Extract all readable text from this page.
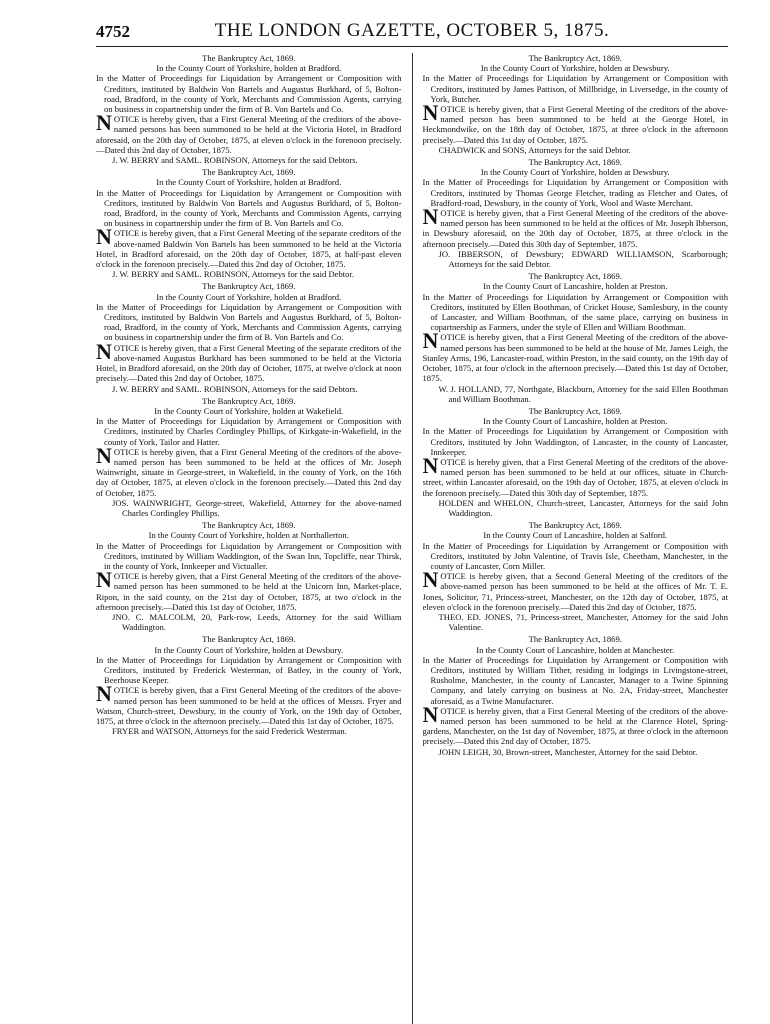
4752	THE LONDON GAZETTE, OCTOBER 5, 1875.

The Bankruptcy Act, 1869.

In the County Court of Yorkshire, holden at Bradford.

In the Matter of Proceedings for Liquidation by Arrangement or Composition with Creditors, instituted by Baldwin Von Bartels and Augustus Burkhard, of 5, Bolton-road, Bradford, in the county of York, Merchants and Commission Agents, carrying on business in copartnership under the firm of B. Von Bartels and Co.

NOTICE is hereby given, that a First General Meeting of the creditors of the above-named persons has been summoned to be held at the Victoria Hotel, in Bradford aforesaid, on the 20th day of October, 1875, at eleven o'clock in the forenoon precisely.—Dated this 2nd day of October, 1875.

J. W. BERRY and SAML. ROBINSON, Attorneys for the said Debtors.

The Bankruptcy Act, 1869.

In the County Court of Yorkshire, holden at Bradford.

In the Matter of Proceedings for Liquidation by Arrangement or Composition with Creditors, instituted by Baldwin Von Bartels and Augustus Burkhard, of 5, Bolton-road, Bradford, in the county of York, Merchants and Commission Agents, carrying on business in copartnership under the firm of B. Von Bartels and Co.

NOTICE is hereby given, that a First General Meeting of the separate creditors of the above-named Baldwin Von Bartels has been summoned to be held at the Victoria Hotel, in Bradford aforesaid, on the 20th day of October, 1875, at half-past eleven o'clock in the forenoon precisely.—Dated this 2nd day of October, 1875.

J. W. BERRY and SAML. ROBINSON, Attorneys for the said Debtor.

The Bankruptcy Act, 1869.

In the County Court of Yorkshire, holden at Bradford.

In the Matter of Proceedings for Liquidation by Arrangement or Composition with Creditors, instituted by Baldwin Von Bartels and Augustus Burkhard, of 5, Bolton-road, Bradford, in the county of York, Merchants and Commission Agents, carrying on business in copartnership under the firm of B. Von Bartels and Co.

NOTICE is hereby given, that a First General Meeting of the separate creditors of the above-named Augustus Burkhard has been summoned to be held at the Victoria Hotel, in Bradford aforesaid, on the 20th day of October, 1875, at twelve o'clock at noon precisely.—Dated this 2nd day of October, 1875.

J. W. BERRY and SAML. ROBINSON, Attorneys for the said Debtors.

The Bankruptcy Act, 1869.

In the County Court of Yorkshire, holden at Wakefield.

In the Matter of Proceedings for Liquidation by Arrangement or Composition with Creditors, instituted by Charles Cordingley Phillips, of Kirkgate-in-Wakefield, in the county of York, Tailor and Hatter.

NOTICE is hereby given, that a First General Meeting of the creditors of the above-named person has been summoned to be held at the offices of Mr. Joseph Wainwright, situate in George-street, in Wakefield, in the county of York, on the 16th day of October, 1875, at eleven o'clock in the forenoon precisely.—Dated this 2nd day of October, 1875.

JOS. WAINWRIGHT, George-street, Wakefield, Attorney for the above-named Charles Cordingley Phillips.

The Bankruptcy Act, 1869.

In the County Court of Yorkshire, holden at Northallerton.

In the Matter of Proceedings for Liquidation by Arrangement or Composition with Creditors, instituted by William Waddington, of the Swan Inn, Topcliffe, near Thirsk, in the county of York, Innkeeper and Victualler.

NOTICE is hereby given, that a First General Meeting of the creditors of the above-named person has been summoned to be held at the Unicorn Inn, Market-place, Ripon, in the said county, on the 21st day of October, 1875, at two o'clock in the afternoon precisely.—Dated this 1st day of October, 1875.

JNO. C. MALCOLM, 20, Park-row, Leeds, Attorney for the said William Waddington.

The Bankruptcy Act, 1869.

In the County Court of Yorkshire, holden at Dewsbury.

In the Matter of Proceedings for Liquidation by Arrangement or Composition with Creditors, instituted by Frederick Westerman, of Batley, in the county of York, Beerhouse Keeper.

NOTICE is hereby given, that a First General Meeting of the creditors of the above-named person has been summoned to be held at the offices of Messrs. Fryer and Watson, Church-street, Dewsbury, in the county of York, on the 19th day of October, 1875, at three o'clock in the afternoon precisely.—Dated this 1st day of October, 1875.

FRYER and WATSON, Attorneys for the said Frederick Westerman.

The Bankruptcy Act, 1869.

In the County Court of Yorkshire, holden at Dewsbury.

In the Matter of Proceedings for Liquidation by Arrangement or Composition with Creditors, instituted by James Pattison, of Millbridge, in Liversedge, in the county of York, Butcher.

NOTICE is hereby given, that a First General Meeting of the creditors of the above-named person has been summoned to be held at the George Hotel, in Heckmondwike, on the 18th day of October, 1875, at three o'clock in the afternoon precisely.—Dated this 1st day of October, 1875.

CHADWICK and SONS, Attorneys for the said Debtor.

The Bankruptcy Act, 1869.

In the County Court of Yorkshire, holden at Dewsbury.

In the Matter of Proceedings for Liquidation by Arrangement or Composition with Creditors, instituted by Thomas George Fletcher, trading as Fletcher and Oates, of Bradford-road, Dewsbury, in the county of York, Wool and Waste Merchant.

NOTICE is hereby given, that a First General Meeting of the creditors of the above-named person has been summoned to be held at the offices of Mr. Joseph Ibberson, in Dewsbury aforesaid, on the 20th day of October, 1875, at three o'clock in the afternoon precisely.—Dated this 30th day of September, 1875.

JO. IBBERSON, of Dewsbury; EDWARD WILLIAMSON, Scarborough; Attorneys for the said Debtor.

The Bankruptcy Act, 1869.

In the County Court of Lancashire, holden at Preston.

In the Matter of Proceedings for Liquidation by Arrangement or Composition with Creditors, instituted by Ellen Boothman, of Cricket House, Samlesbury, in the county of Lancaster, and William Boothman, of the same place, carrying on business in copartnership as Farmers, under the style of Ellen and William Boothman.

NOTICE is hereby given, that a First General Meeting of the creditors of the above-named persons has been summoned to be held at the house of Mr. James Leigh, the Stanley Arms, 196, Lancaster-road, within Preston, in the said county, on the 19th day of October, 1875, at four o'clock in the afternoon precisely.—Dated this 1st day of October, 1875.

W. J. HOLLAND, 77, Northgate, Blackburn, Attorney for the said Ellen Boothman and William Boothman.

The Bankruptcy Act, 1869.

In the County Court of Lancashire, holden at Preston.

In the Matter of Proceedings for Liquidation by Arrangement or Composition with Creditors, instituted by John Waddington, of Lancaster, in the county of Lancaster, Innkeeper.

NOTICE is hereby given, that a First General Meeting of the creditors of the above-named person has been summoned to be held at our offices, situate in Church-street, within Lancaster aforesaid, on the 19th day of October, 1875, at eleven o'clock in the forenoon precisely.—Dated this 30th day of September, 1875.

HOLDEN and WHELON, Church-street, Lancaster, Attorneys for the said John Waddington.

The Bankruptcy Act, 1869.

In the County Court of Lancashire, holden at Salford.

In the Matter of Proceedings for Liquidation by Arrangement or Composition with Creditors, instituted by John Valentine, of Travis Isle, Cheetham, Manchester, in the county of Lancaster, Corn Miller.

NOTICE is hereby given, that a Second General Meeting of the creditors of the above-named person has been summoned to be held at the offices of Mr. T. E. Jones, Solicitor, 71, Princess-street, Manchester, on the 12th day of October, 1875, at eleven o'clock in the forenoon precisely.—Dated this 2nd day of October, 1875.

THEO. ED. JONES, 71, Princess-street, Manchester, Attorney for the said John Valentine.

The Bankruptcy Act, 1869.

In the County Court of Lancashire, holden at Manchester.

In the Matter of Proceedings for Liquidation by Arrangement or Composition with Creditors, instituted by William Tither, residing in lodgings in Livingstone-street, Rusholme, Manchester, in the county of Lancaster, Manager to a Twine Spinning Company, and lately carrying on business at No. 2A, Friday-street, Manchester aforesaid, as a Twine Manufacturer.

NOTICE is hereby given, that a First General Meeting of the creditors of the above-named person has been summoned to be held at the Clarence Hotel, Spring-gardens, Manchester, on the 1st day of November, 1875, at three o'clock in the afternoon precisely.—Dated this 2nd day of October, 1875.

JOHN LEIGH, 30, Brown-street, Manchester, Attorney for the said Debtor.
